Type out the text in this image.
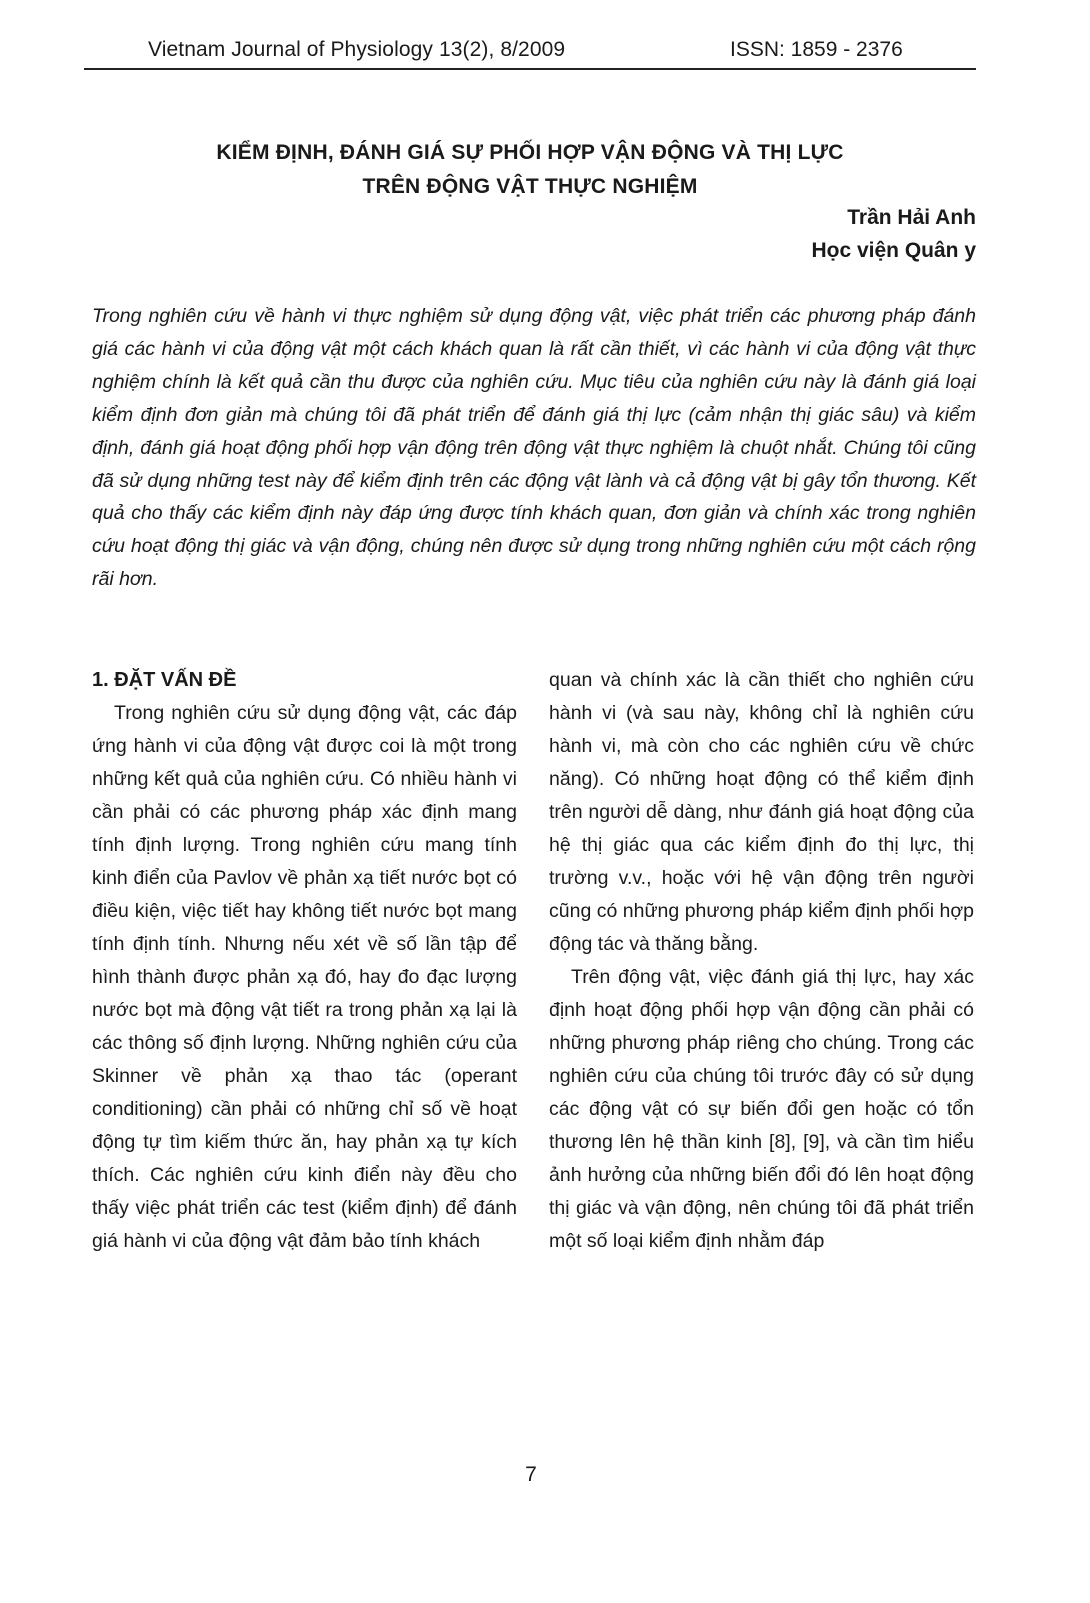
Vietnam Journal of Physiology 13(2), 8/2009	ISSN: 1859 - 2376
KIỂM ĐỊNH, ĐÁNH GIÁ SỰ PHỐI HỢP VẬN ĐỘNG VÀ THỊ LỰC
TRÊN ĐỘNG VẬT THỰC NGHIỆM
Trần Hải Anh
Học viện Quân y
Trong nghiên cứu về hành vi thực nghiệm sử dụng động vật, việc phát triển các phương pháp đánh giá các hành vi của động vật một cách khách quan là rất cần thiết, vì các hành vi của động vật thực nghiệm chính là kết quả cần thu được của nghiên cứu. Mục tiêu của nghiên cứu này là đánh giá loại kiểm định đơn giản mà chúng tôi đã phát triển để đánh giá thị lực (cảm nhận thị giác sâu) và kiểm định, đánh giá hoạt động phối hợp vận động trên động vật thực nghiệm là chuột nhắt. Chúng tôi cũng đã sử dụng những test này để kiểm định trên các động vật lành và cả động vật bị gây tổn thương. Kết quả cho thấy các kiểm định này đáp ứng được tính khách quan, đơn giản và chính xác trong nghiên cứu hoạt động thị giác và vận động, chúng nên được sử dụng trong những nghiên cứu một cách rộng rãi hơn.

1. ĐẶT VẤN ĐỀ

Trong nghiên cứu sử dụng động vật, các đáp ứng hành vi của động vật được coi là một trong những kết quả của nghiên cứu. Có nhiều hành vi cần phải có các phương pháp xác định mang tính định lượng. Trong nghiên cứu mang tính kinh điển của Pavlov về phản xạ tiết nước bọt có điều kiện, việc tiết hay không tiết nước bọt mang tính định tính. Nhưng nếu xét về số lần tập để hình thành được phản xạ đó, hay đo đạc lượng nước bọt mà động vật tiết ra trong phản xạ lại là các thông số định lượng. Những nghiên cứu của Skinner về phản xạ thao tác (operant conditioning) cần phải có những chỉ số về hoạt động tự tìm kiếm thức ăn, hay phản xạ tự kích thích. Các nghiên cứu kinh điển này đều cho thấy việc phát triển các test (kiểm định) để đánh giá hành vi của động vật đảm bảo tính khách

quan và chính xác là cần thiết cho nghiên cứu hành vi (và sau này, không chỉ là nghiên cứu hành vi, mà còn cho các nghiên cứu về chức năng). Có những hoạt động có thể kiểm định trên người dễ dàng, như đánh giá hoạt động của hệ thị giác qua các kiểm định đo thị lực, thị trường v.v., hoặc với hệ vận động trên người cũng có những phương pháp kiểm định phối hợp động tác và thăng bằng.

Trên động vật, việc đánh giá thị lực, hay xác định hoạt động phối hợp vận động cần phải có những phương pháp riêng cho chúng. Trong các nghiên cứu của chúng tôi trước đây có sử dụng các động vật có sự biến đổi gen hoặc có tổn thương lên hệ thần kinh [8], [9], và cần tìm hiểu ảnh hưởng của những biến đổi đó lên hoạt động thị giác và vận động, nên chúng tôi đã phát triển một số loại kiểm định nhằm đáp

7
